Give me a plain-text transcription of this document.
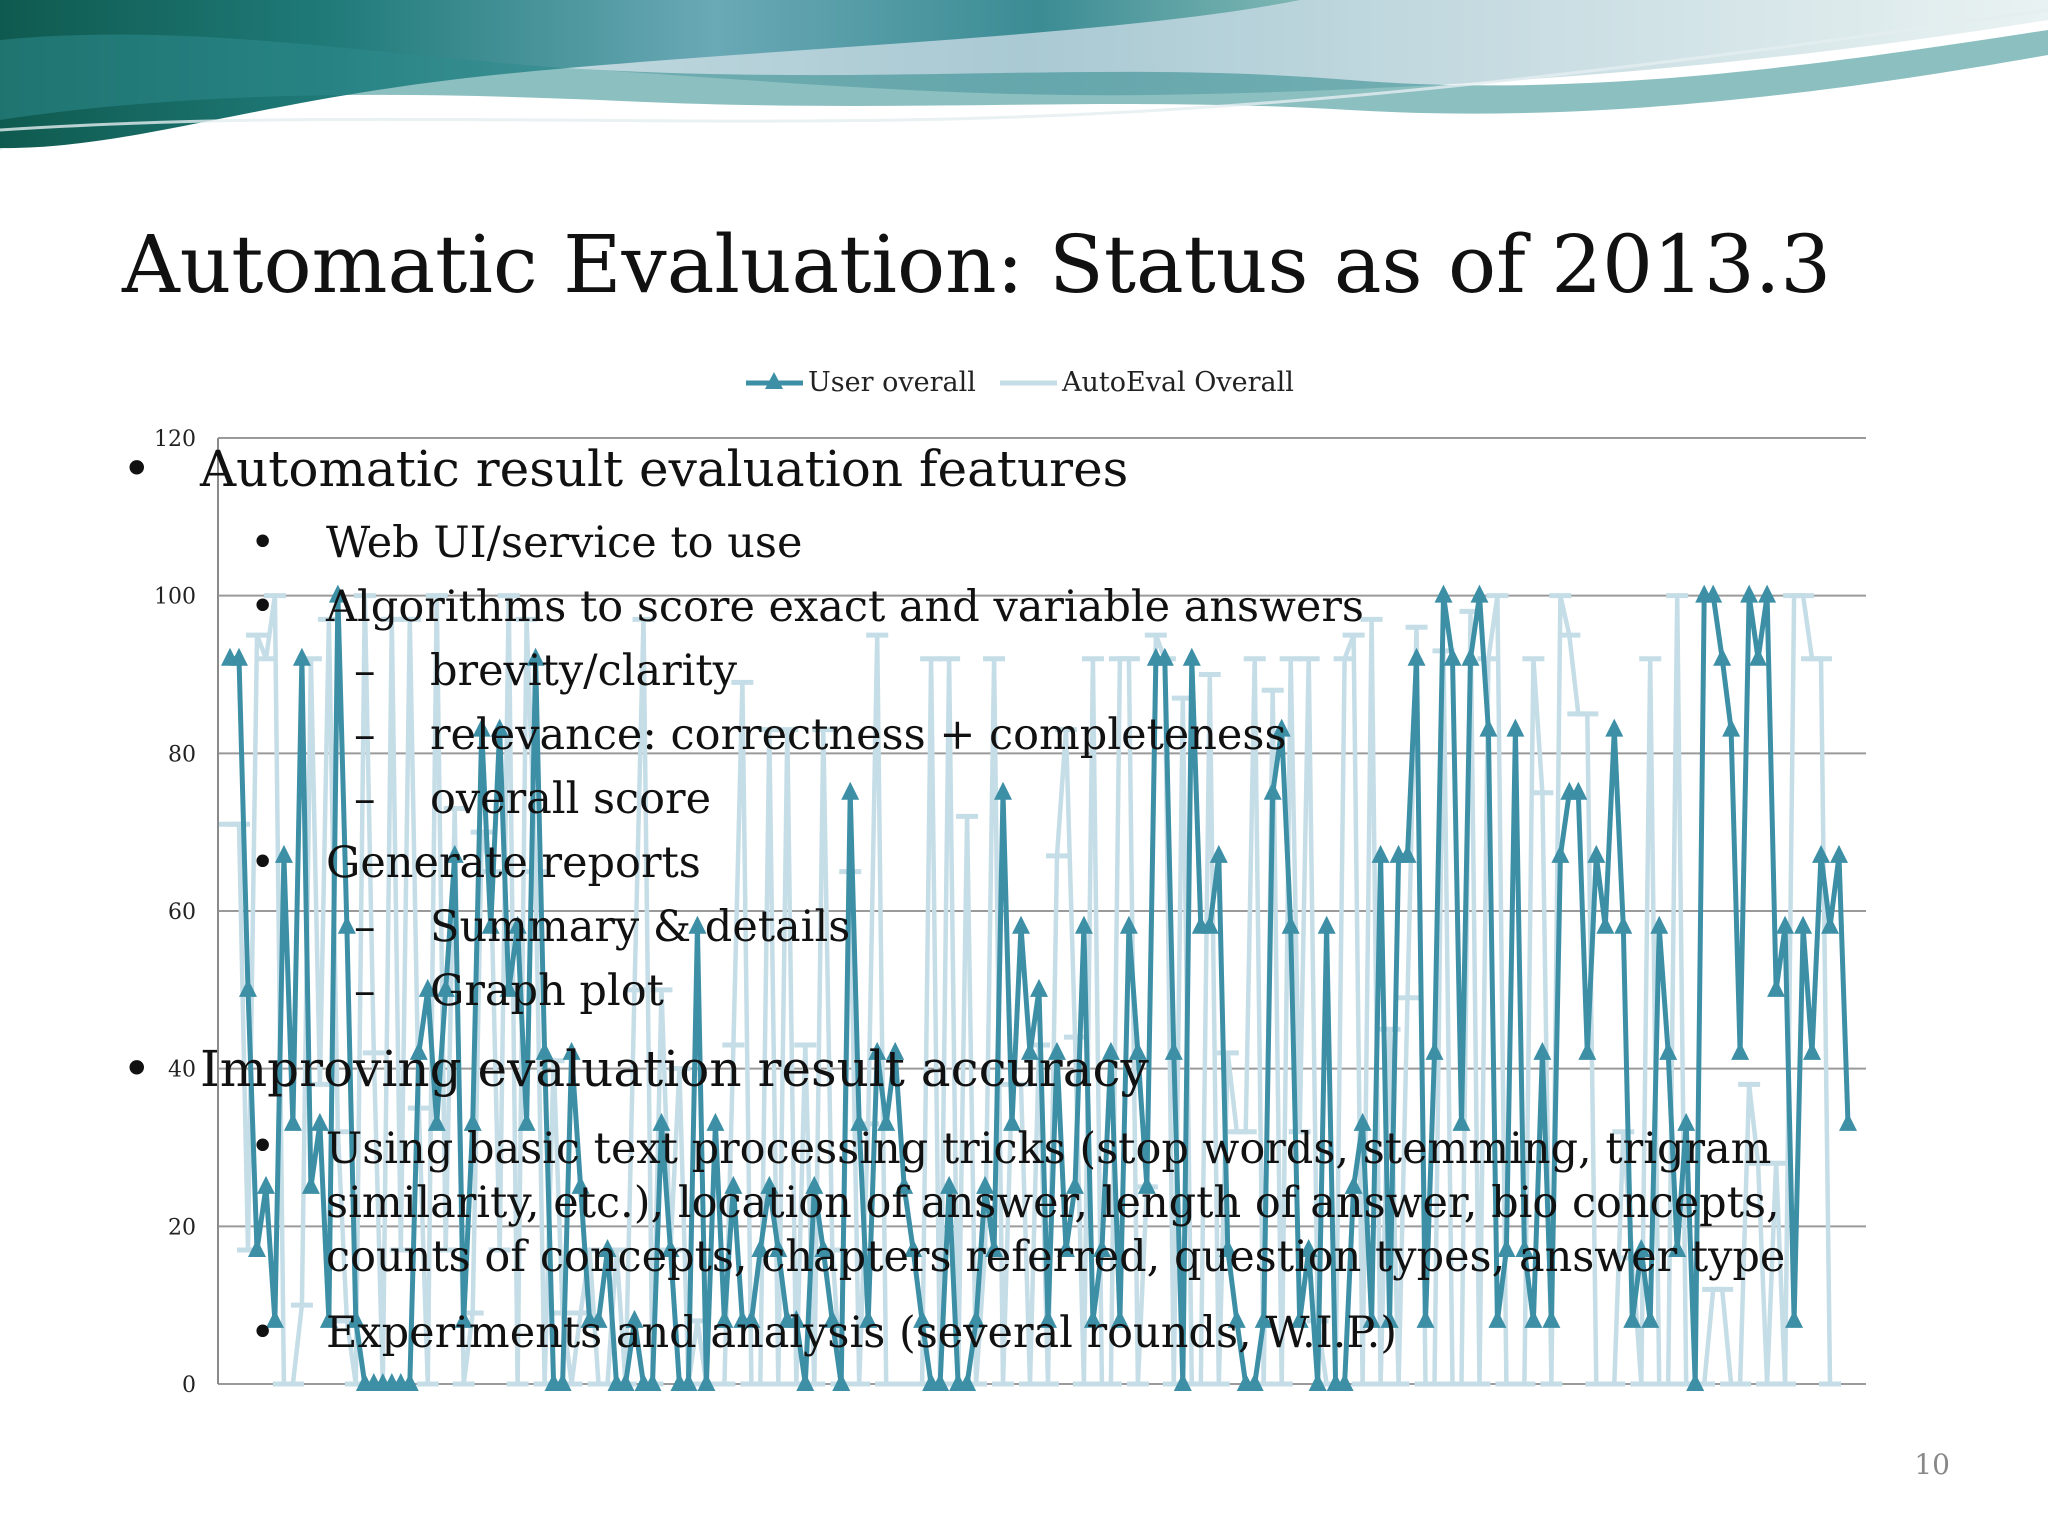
Automatic Evaluation: Status as of 2013.3
0
20
40
60
80
100
120
User overall	AutoEval Overall
• Automatic result evaluation features
• Web UI/service to use
• Algorithms to score exact and variable answers
– brevity/clarity
– relevance: correctness + completeness
– overall score
• Generate reports
– Summary & details
– Graph plot
• Improving evaluation result accuracy
• Using basic text processing tricks (stop words, stemming, trigram similarity, etc.), location of answer, length of answer, bio concepts, counts of concepts, chapters referred, question types, answer type
• Experiments and analysis (several rounds, W.I.P.)
10
